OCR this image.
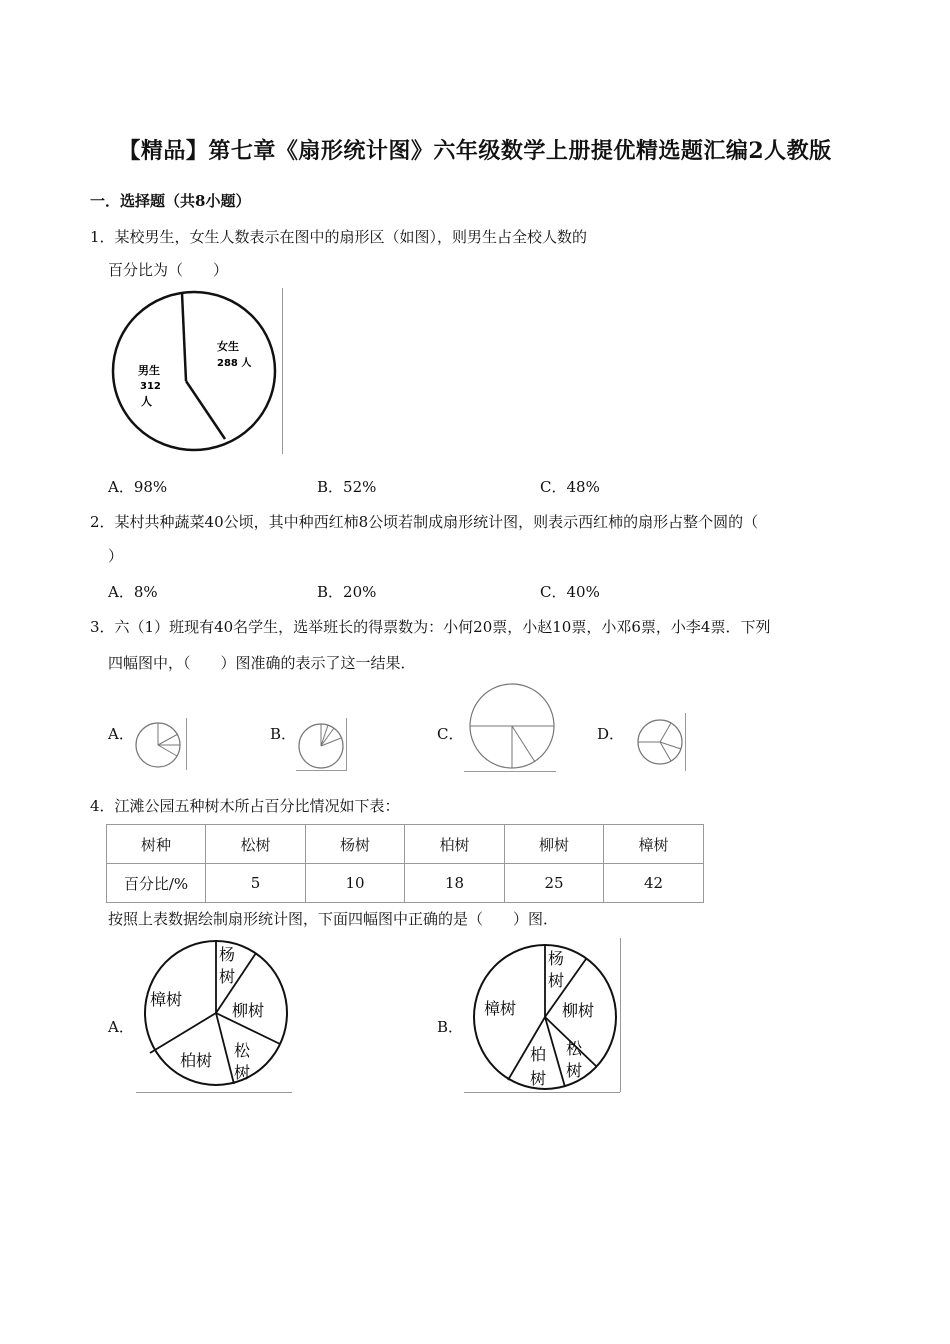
【精品】第七章《扇形统计图》六年级数学上册提优精选题汇编2人教版
一．选择题（共8小题）
1．某校男生，女生人数表示在图中的扇形区（如图），则男生占全校人数的
百分比为（　　）
男生
312
人
女生
288 人
A．98%	B．52%	C．48%
2．某村共种蔬菜40公顷，其中种西红柿8公顷若制成扇形统计图，则表示西红柿的扇形占整个圆的（
）
A．8%	B．20%	C．40%
3．六（1）班现有40名学生，选举班长的得票数为：小何20票，小赵10票，小邓6票，小李4票．下列
四幅图中，（　　）图准确的表示了这一结果．
A．	B．	C．	D．
4．江滩公园五种树木所占百分比情况如下表：
树种	松树	杨树	柏树	柳树	樟树
百分比/%	5	10	18	25	42
按照上表数据绘制扇形统计图，下面四幅图中正确的是（　　）图．
A．
杨
树
樟树
柳树
柏树
松
树
B．
杨
树
樟树	柳树
柏
树
松
树
